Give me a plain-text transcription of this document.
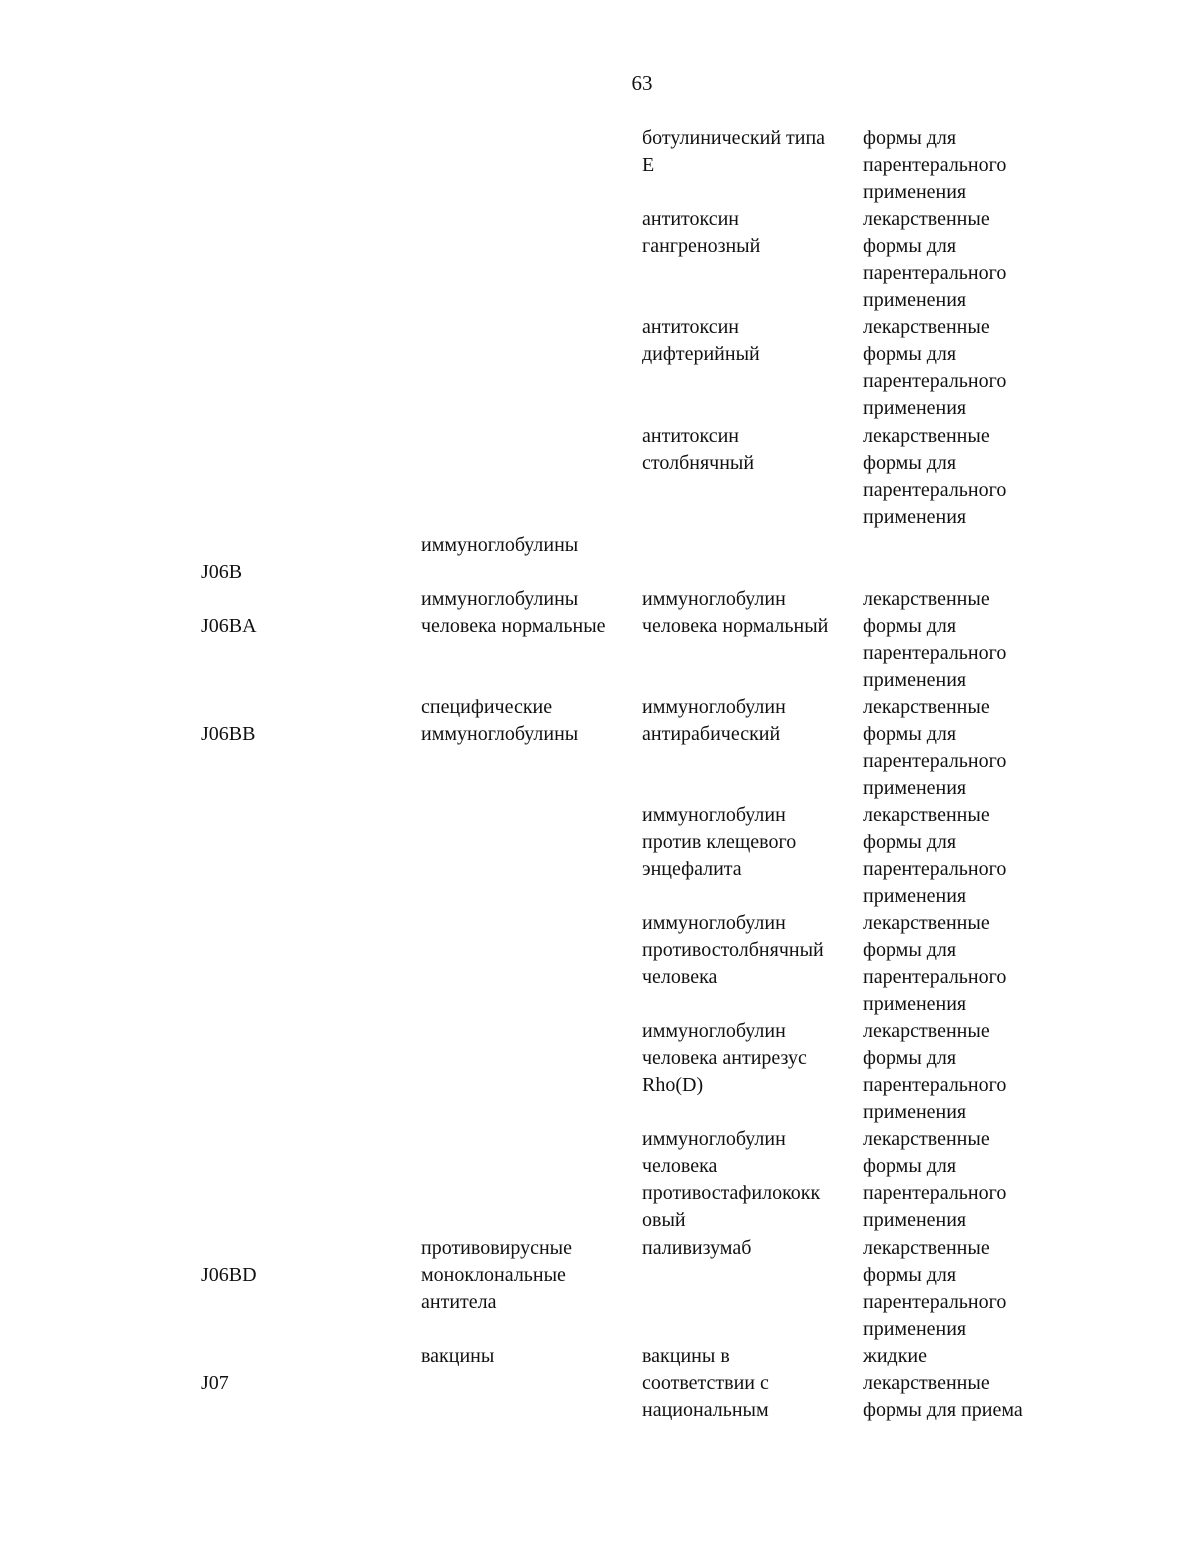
63
ботулинический типа
E
формы для
парентерального
применения
антитоксин
гангренозный
лекарственные
формы для
парентерального
применения
антитоксин
дифтерийный
лекарственные
формы для
парентерального
применения
антитоксин
столбнячный
лекарственные
формы для
парентерального
применения
иммуноглобулины
J06B
иммуноглобулины
человека нормальные
J06BA
иммуноглобулин
человека нормальный
лекарственные
формы для
парентерального
применения
специфические
иммуноглобулины
J06BB
иммуноглобулин
антирабический
лекарственные
формы для
парентерального
применения
иммуноглобулин
против клещевого
энцефалита
лекарственные
формы для
парентерального
применения
иммуноглобулин
противостолбнячный
человека
лекарственные
формы для
парентерального
применения
иммуноглобулин
человека антирезус
Rho(D)
лекарственные
формы для
парентерального
применения
иммуноглобулин
человека
противостафилококк
овый
лекарственные
формы для
парентерального
применения
противовирусные
моноклональные
антитела
J06BD
паливизумаб	лекарственные
формы для
парентерального
применения
вакцины
J07
вакцины в
соответствии с
национальным
жидкие
лекарственные
формы для приема
